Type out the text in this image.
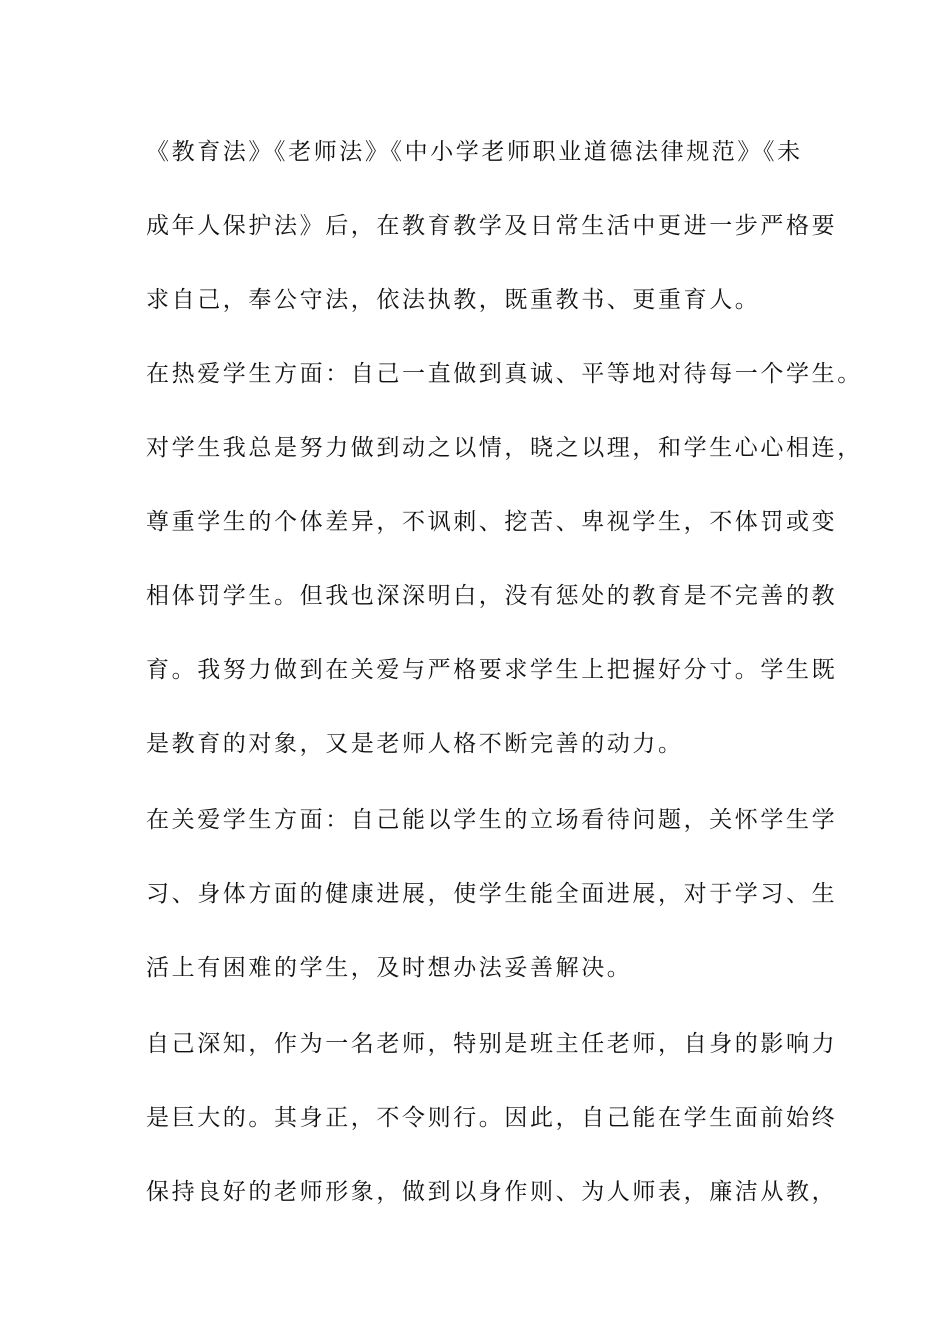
《教育法》《老师法》《中小学老师职业道德法律规范》《未
成年人保护法》后，在教育教学及日常生活中更进一步严格要
求自己，奉公守法，依法执教，既重教书、更重育人。
在热爱学生方面：自己一直做到真诚、平等地对待每一个学生。
对学生我总是努力做到动之以情，晓之以理，和学生心心相连，
尊重学生的个体差异，不讽刺、挖苦、卑视学生，不体罚或变
相体罚学生。但我也深深明白，没有惩处的教育是不完善的教
育。我努力做到在关爱与严格要求学生上把握好分寸。学生既
是教育的对象，又是老师人格不断完善的动力。
在关爱学生方面：自己能以学生的立场看待问题，关怀学生学
习、身体方面的健康进展，使学生能全面进展，对于学习、生
活上有困难的学生，及时想办法妥善解决。
自己深知，作为一名老师，特别是班主任老师，自身的影响力
是巨大的。其身正，不令则行。因此，自己能在学生面前始终
保持良好的老师形象，做到以身作则、为人师表，廉洁从教，
